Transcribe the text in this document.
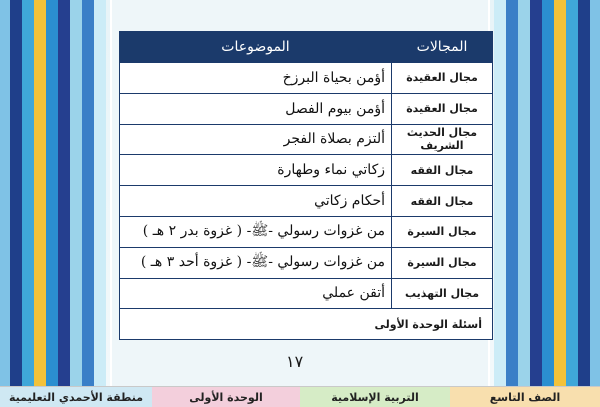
المجالات	الموضوعات
مجال العقيدة	أؤمن بحياة البرزخ
مجال العقيدة	أؤمن بيوم الفصل
مجال الحديث الشريف	ألتزم بصلاة الفجر
مجال الفقه	زكاتي نماء وطهارة
مجال الفقه	أحكام زكاتي
مجال السيرة	من غزوات رسولي -ﷺ- ( غزوة بدر ٢ هـ )
مجال السيرة	من غزوات رسولي -ﷺ- ( غزوة أحد ٣ هـ )
مجال التهذيب	أتقن عملي
أسئلة الوحدة الأولى	
١٧
منطقة الأحمدي التعليمية	الوحدة الأولى	التربية الإسلامية	الصف التاسع
